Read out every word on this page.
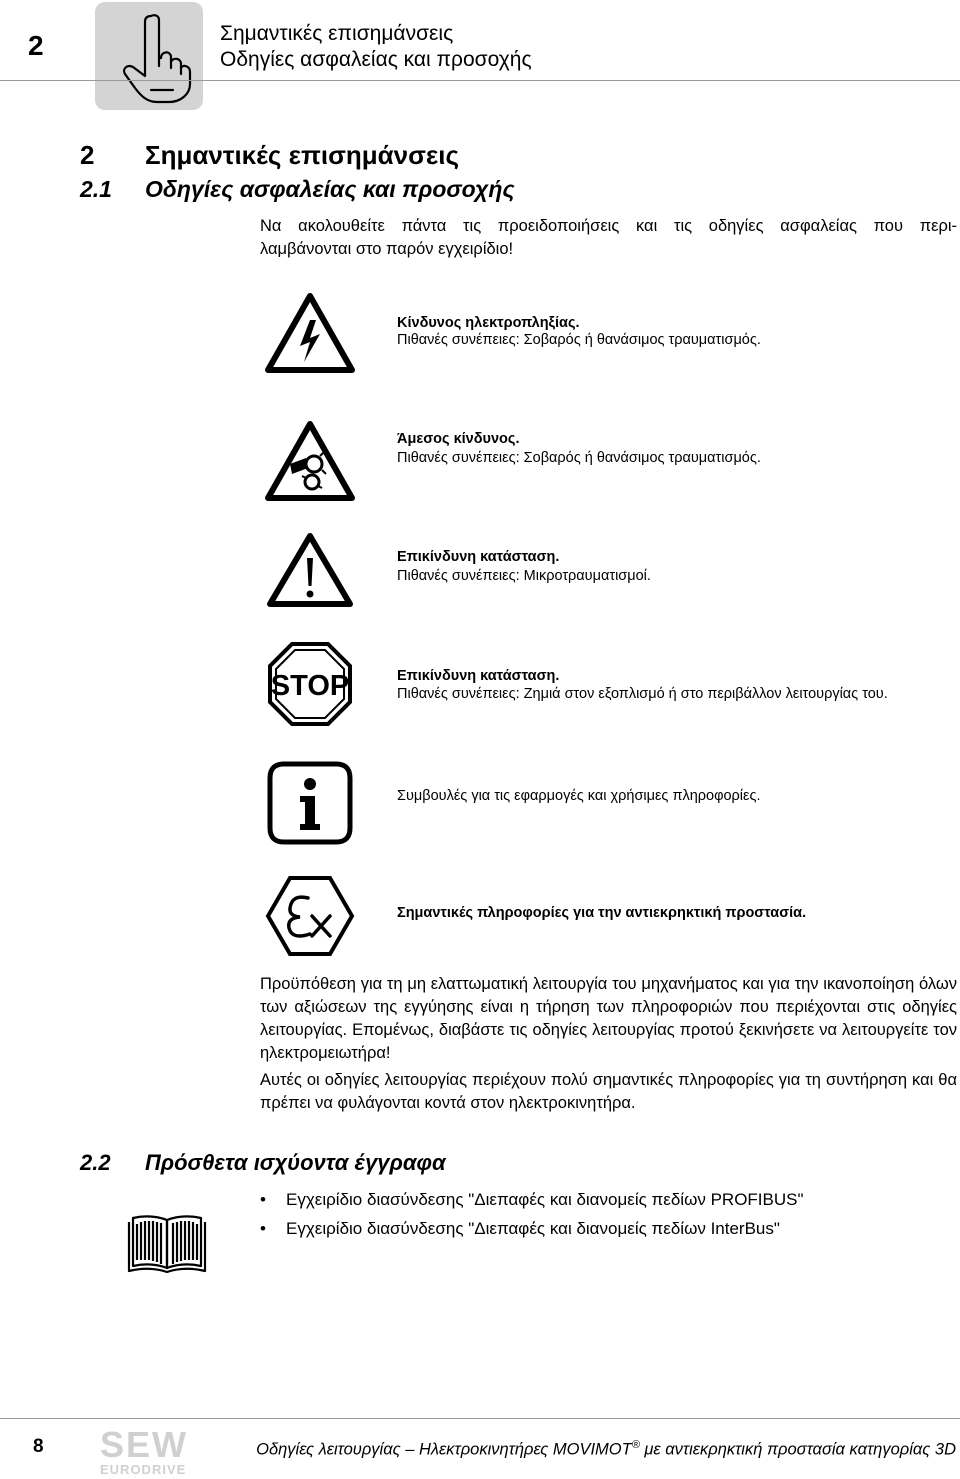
2	Σημαντικές επισημάνσεις
Οδηγίες ασφαλείας και προσοχής
2 Σημαντικές επισημάνσεις
2.1 Οδηγίες ασφαλείας και προσοχής
Να ακολουθείτε πάντα τις προειδοποιήσεις και τις οδηγίες ασφαλείας που περι-
λαμβάνονται στο παρόν εγχειρίδιο!
Κίνδυνος ηλεκτροπληξίας.
Πιθανές συνέπειες: Σοβαρός ή θανάσιμος τραυματισμός.
Άμεσος κίνδυνος.
Πιθανές συνέπειες: Σοβαρός ή θανάσιμος τραυματισμός.
Επικίνδυνη κατάσταση.
Πιθανές συνέπειες: Μικροτραυματισμοί.
STOP	Επικίνδυνη κατάσταση.
Πιθανές συνέπειες: Ζημιά στον εξοπλισμό ή στο περιβάλλον λειτουργίας του.
Συμβουλές για τις εφαρμογές και χρήσιμες πληροφορίες.
Σημαντικές πληροφορίες για την αντιεκρηκτική προστασία.
Προϋπόθεση για τη μη ελαττωματική λειτουργία του μηχανήματος και για την ικανοποίηση όλων των αξιώσεων της εγγύησης είναι η τήρηση των πληροφοριών που περιέχονται στις οδηγίες λειτουργίας. Επομένως, διαβάστε τις οδηγίες λειτουργίας προτού ξεκινήσετε να λειτουργείτε τον ηλεκτρομειωτήρα!
Αυτές οι οδηγίες λειτουργίας περιέχουν πολύ σημαντικές πληροφορίες για τη συντήρηση και θα πρέπει να φυλάγονται κοντά στον ηλεκτροκινητήρα.
2.2 Πρόσθετα ισχύοντα έγγραφα
• Εγχειρίδιο διασύνδεσης "Διεπαφές και διανομείς πεδίων PROFIBUS"
• Εγχειρίδιο διασύνδεσης "Διεπαφές και διανομείς πεδίων InterBus"
8 SEW
EURODRIVE
Οδηγίες λειτουργίας – Ηλεκτροκινητήρες MOVIMOT® με αντιεκρηκτική προστασία κατηγορίας 3D
